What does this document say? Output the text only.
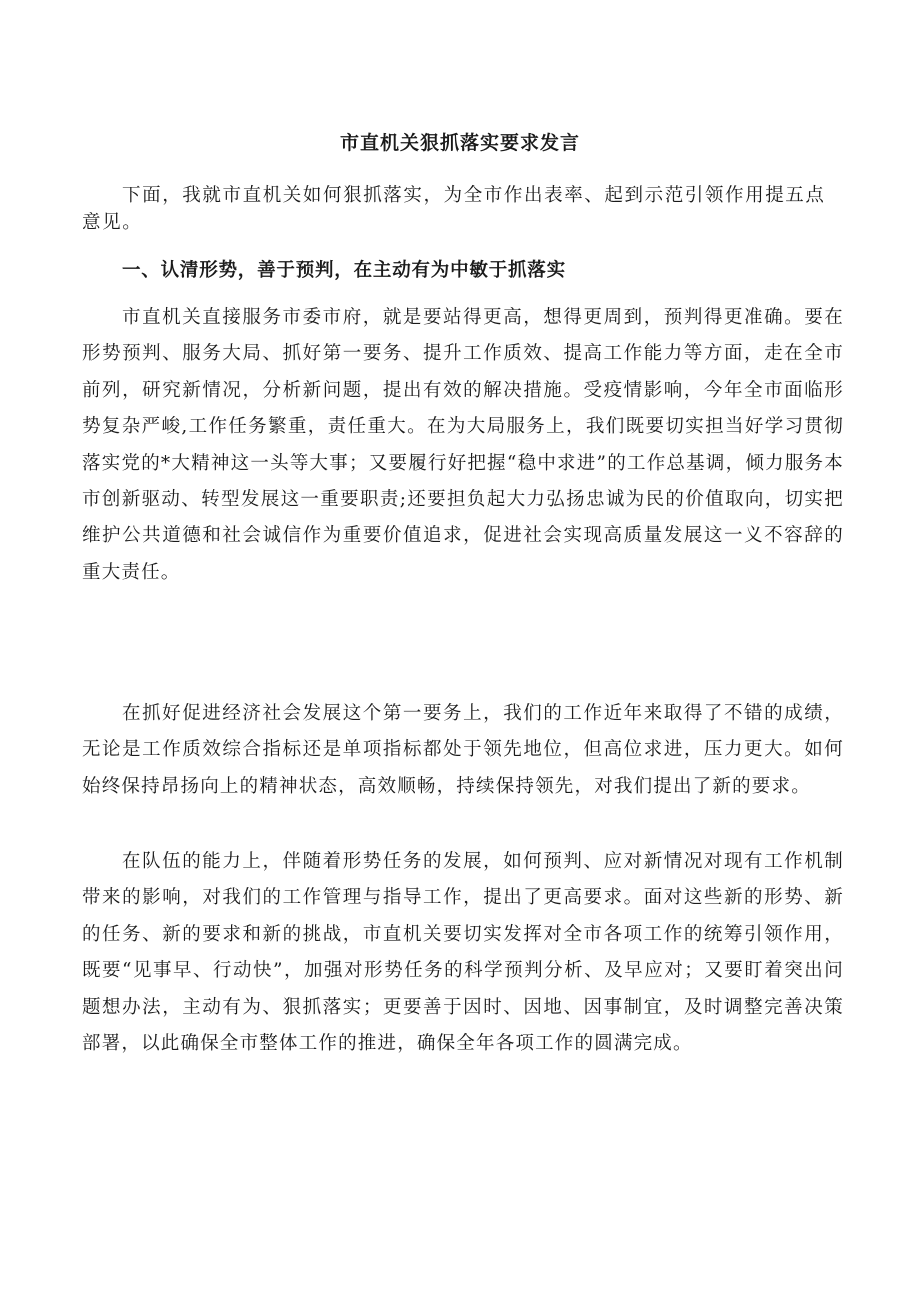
市直机关狠抓落实要求发言

下面，我就市直机关如何狠抓落实，为全市作出表率、起到示范引领作用提五点意见。

一、认清形势，善于预判，在主动有为中敏于抓落实

市直机关直接服务市委市府，就是要站得更高，想得更周到，预判得更准确。要在形势预判、服务大局、抓好第一要务、提升工作质效、提高工作能力等方面，走在全市前列，研究新情况，分析新问题，提出有效的解决措施。受疫情影响，今年全市面临形势复杂严峻,工作任务繁重，责任重大。在为大局服务上，我们既要切实担当好学习贯彻落实党的*大精神这一头等大事；又要履行好把握“稳中求进”的工作总基调，倾力服务本市创新驱动、转型发展这一重要职责;还要担负起大力弘扬忠诚为民的价值取向，切实把维护公共道德和社会诚信作为重要价值追求，促进社会实现高质量发展这一义不容辞的重大责任。

在抓好促进经济社会发展这个第一要务上，我们的工作近年来取得了不错的成绩，无论是工作质效综合指标还是单项指标都处于领先地位，但高位求进，压力更大。如何始终保持昂扬向上的精神状态，高效顺畅，持续保持领先，对我们提出了新的要求。

在队伍的能力上，伴随着形势任务的发展，如何预判、应对新情况对现有工作机制带来的影响，对我们的工作管理与指导工作，提出了更高要求。面对这些新的形势、新的任务、新的要求和新的挑战，市直机关要切实发挥对全市各项工作的统筹引领作用，既要“见事早、行动快”，加强对形势任务的科学预判分析、及早应对；又要盯着突出问题想办法，主动有为、狠抓落实；更要善于因时、因地、因事制宜，及时调整完善决策部署，以此确保全市整体工作的推进，确保全年各项工作的圆满完成。
